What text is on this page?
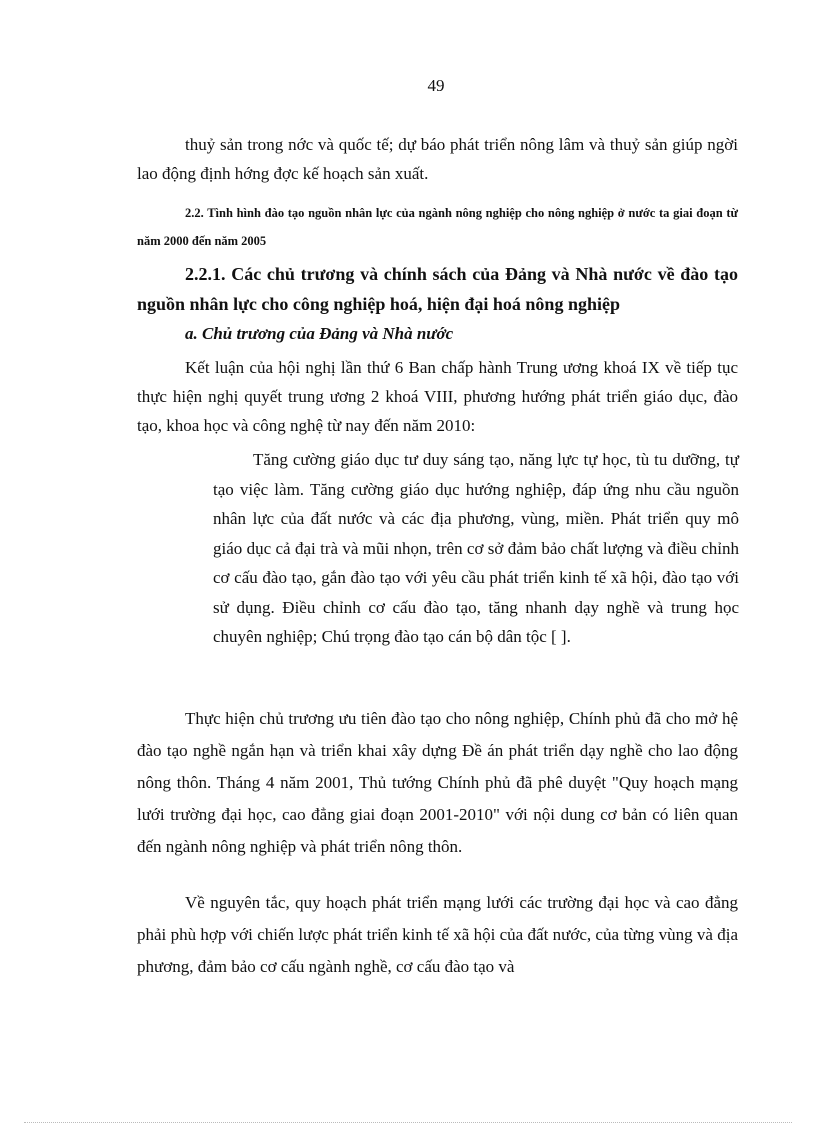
49

thuỷ sản trong nớc và quốc tế; dự báo phát triển nông lâm và thuỷ sản giúp ngời lao động định hớng đợc kế hoạch sản xuất.

2.2. Tình hình đào tạo nguồn nhân lực của ngành nông nghiệp cho nông nghiệp ở nước ta giai đoạn từ năm 2000 đến năm 2005

2.2.1. Các chủ trương và chính sách của Đảng và Nhà nước về đào tạo nguồn nhân lực cho công nghiệp hoá, hiện đại hoá nông nghiệp

a. Chủ trương của Đảng và Nhà nước

Kết luận của hội nghị lần thứ 6 Ban chấp hành Trung ương khoá IX về tiếp tục thực hiện nghị quyết trung ương 2 khoá VIII, phương hướng phát triển giáo dục, đào tạo, khoa học và công nghệ từ nay đến năm 2010:

Tăng cường giáo dục tư duy sáng tạo, năng lực tự học, tù tu dưỡng, tự tạo việc làm. Tăng cường giáo dục hướng nghiệp, đáp ứng nhu cầu nguồn nhân lực của đất nước và các địa phương, vùng, miền. Phát triển quy mô giáo dục cả đại trà và mũi nhọn, trên cơ sở đảm bảo chất lượng và điều chỉnh cơ cấu đào tạo, gắn đào tạo với yêu cầu phát triển kinh tế xã hội, đào tạo với sử dụng. Điều chỉnh cơ cấu đào tạo, tăng nhanh dạy nghề và trung học chuyên nghiệp; Chú trọng đào tạo cán bộ dân tộc [ ].

Thực hiện chủ trương ưu tiên đào tạo cho nông nghiệp, Chính phủ đã cho mở hệ đào tạo nghề ngắn hạn và triển khai xây dựng Đề án phát triển dạy nghề cho lao động nông thôn. Tháng 4 năm 2001, Thủ tướng Chính phủ đã phê duyệt "Quy hoạch mạng lưới trường đại học, cao đẳng giai đoạn 2001-2010" với nội dung cơ bản có liên quan đến ngành nông nghiệp và phát triển nông thôn.

Về nguyên tắc, quy hoạch phát triển mạng lưới các trường đại học và cao đẳng phải phù hợp với chiến lược phát triển kinh tế xã hội của đất nước, của từng vùng và địa phương, đảm bảo cơ cấu ngành nghề, cơ cấu đào tạo và
